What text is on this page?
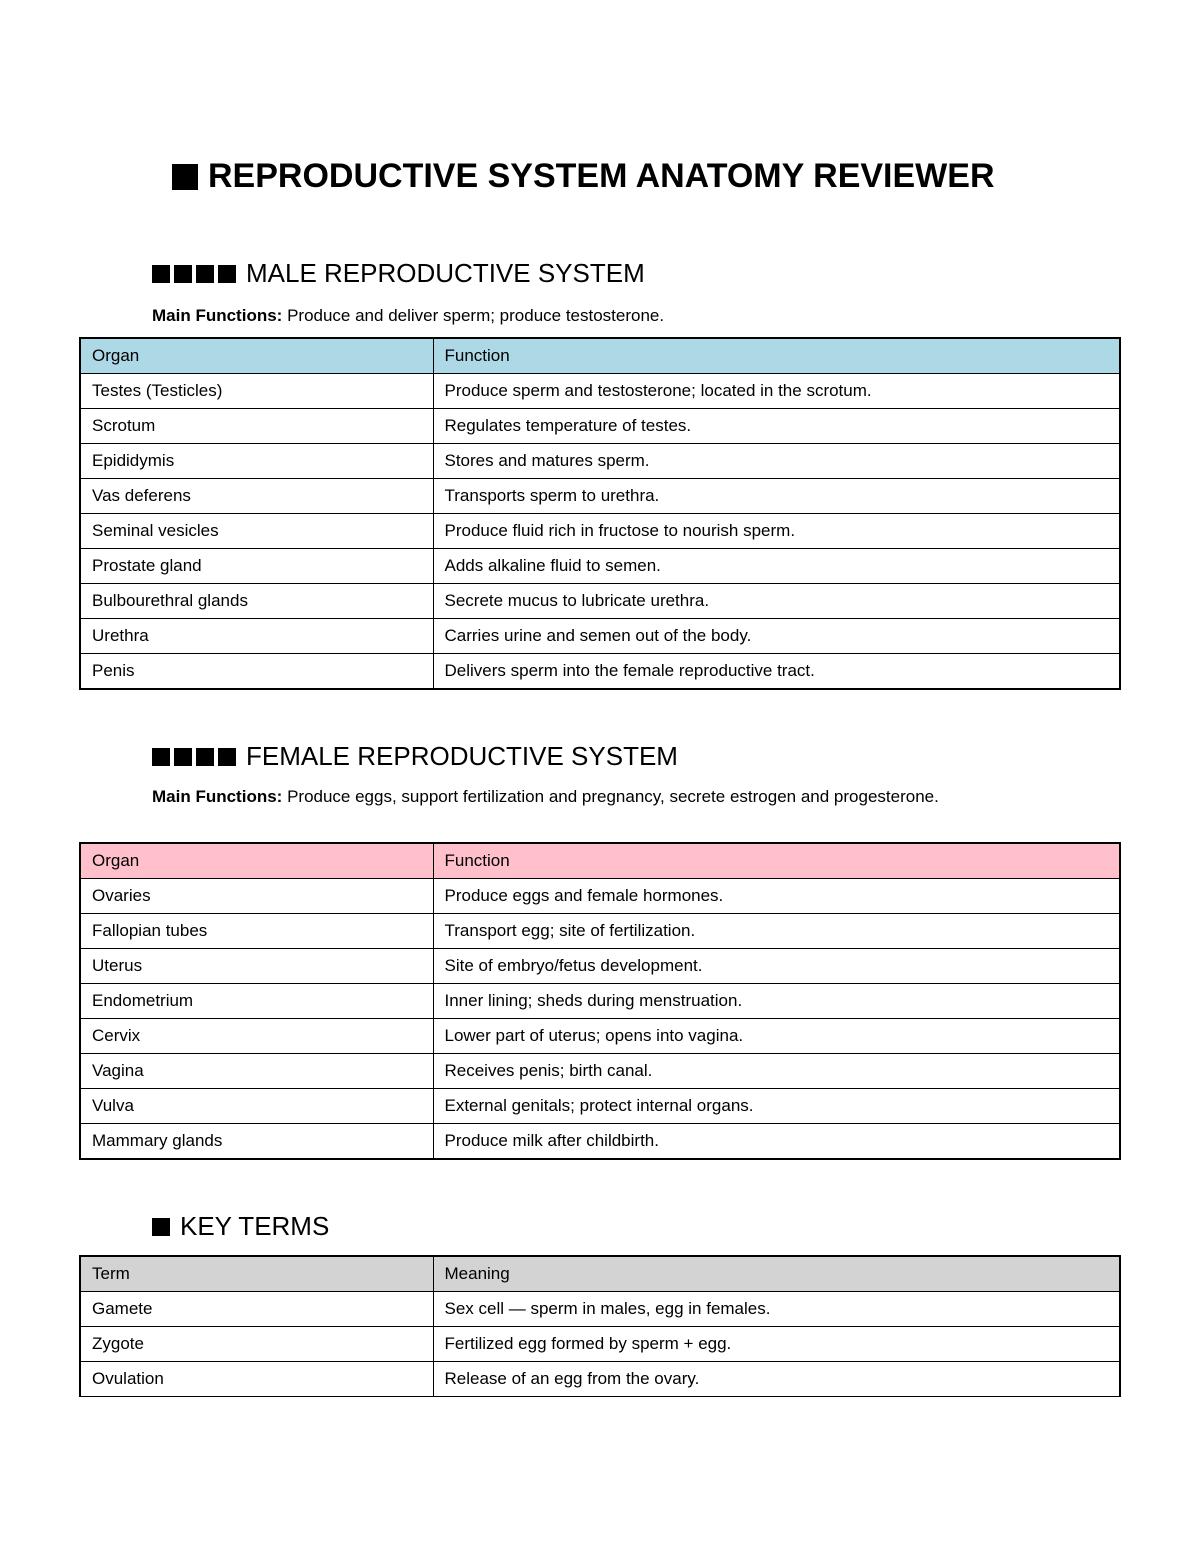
REPRODUCTIVE SYSTEM ANATOMY REVIEWER
MALE REPRODUCTIVE SYSTEM

Main Functions: Produce and deliver sperm; produce testosterone.

Organ	Function
Testes (Testicles)	Produce sperm and testosterone; located in the scrotum.
Scrotum	Regulates temperature of testes.
Epididymis	Stores and matures sperm.
Vas deferens	Transports sperm to urethra.
Seminal vesicles	Produce fluid rich in fructose to nourish sperm.
Prostate gland	Adds alkaline fluid to semen.
Bulbourethral glands	Secrete mucus to lubricate urethra.
Urethra	Carries urine and semen out of the body.
Penis	Delivers sperm into the female reproductive tract.
FEMALE REPRODUCTIVE SYSTEM

Main Functions: Produce eggs, support fertilization and pregnancy, secrete estrogen and progesterone.

Organ	Function
Ovaries	Produce eggs and female hormones.
Fallopian tubes	Transport egg; site of fertilization.
Uterus	Site of embryo/fetus development.
Endometrium	Inner lining; sheds during menstruation.
Cervix	Lower part of uterus; opens into vagina.
Vagina	Receives penis; birth canal.
Vulva	External genitals; protect internal organs.
Mammary glands	Produce milk after childbirth.
KEY TERMS
Term	Meaning
Gamete	Sex cell — sperm in males, egg in females.
Zygote	Fertilized egg formed by sperm + egg.
Ovulation	Release of an egg from the ovary.
